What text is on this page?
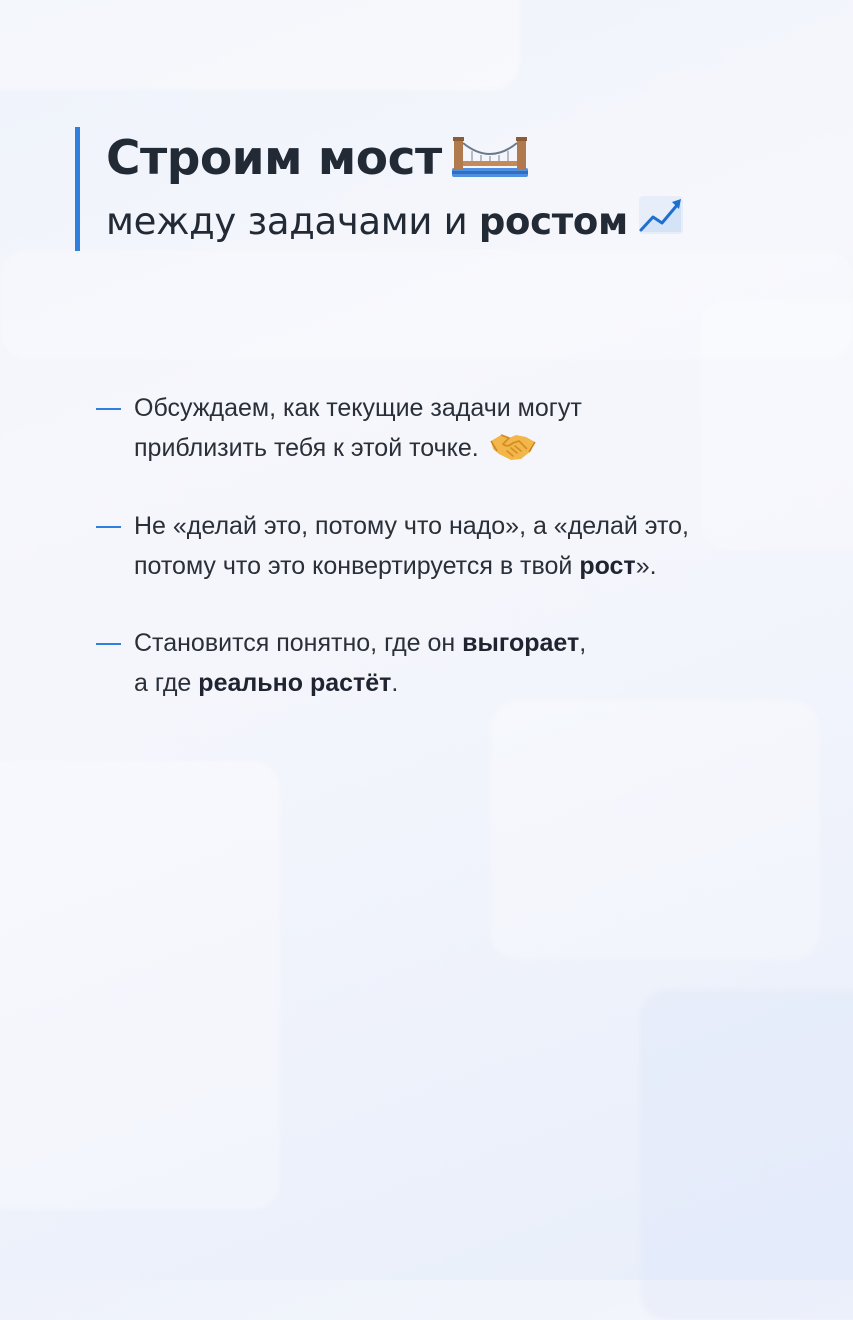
Строим мост
между задачами и ростом
Обсуждаем, как текущие задачи могут
приблизить тебя к этой точке.
Не «делай это, потому что надо», а «делай это,
потому что это конвертируется в твой рост».
Становится понятно, где он выгорает,
а где реально растёт.
